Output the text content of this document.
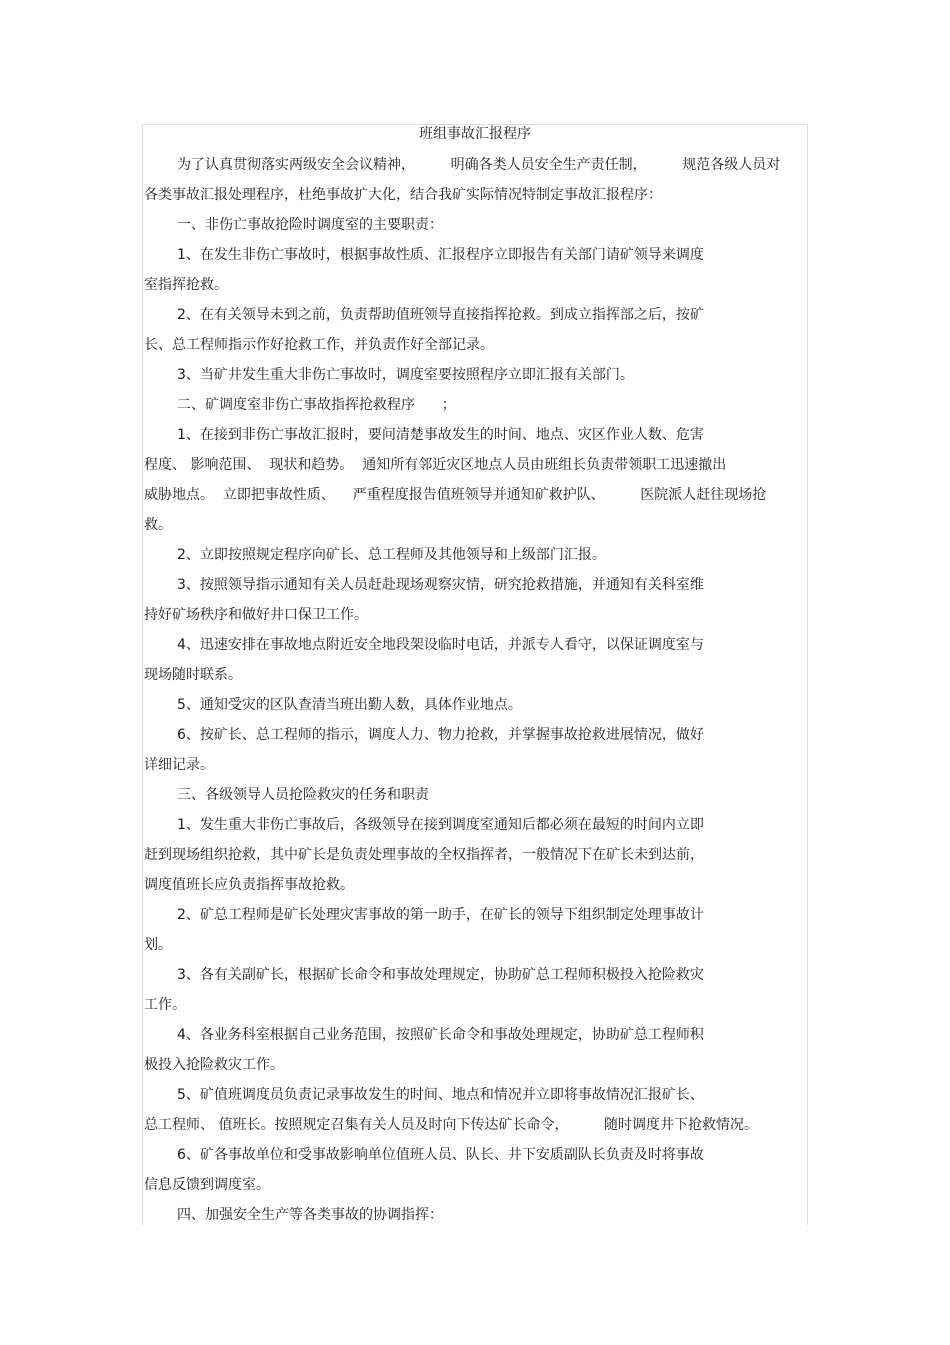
班组事故汇报程序
为了认真贯彻落实两级安全会议精神，        明确各类人员安全生产责任制，        规范各级人员对
各类事故汇报处理程序，杜绝事故扩大化，结合我矿实际情况特制定事故汇报程序：
一、非伤亡事故抢险时调度室的主要职责：
1、在发生非伤亡事故时，根据事故性质、汇报程序立即报告有关部门请矿领导来调度
室指挥抢救。
2、在有关领导未到之前，负责帮助值班领导直接指挥抢救。到成立指挥部之后，按矿
长、总工程师指示作好抢救工作，并负责作好全部记录。
3、当矿井发生重大非伤亡事故时，调度室要按照程序立即汇报有关部门。
二、矿调度室非伤亡事故指挥抢救程序      ；
1、在接到非伤亡事故汇报时，要问清楚事故发生的时间、地点、灾区作业人数、危害
程度、 影响范围、  现状和趋势。  通知所有邻近灾区地点人员由班组长负责带领职工迅速撤出
威胁地点。  立即把事故性质、    严重程度报告值班领导并通知矿救护队、        医院派人赶往现场抢
救。
2、立即按照规定程序向矿长、总工程师及其他领导和上级部门汇报。
3、按照领导指示通知有关人员赶赴现场观察灾情，研究抢救措施，并通知有关科室维
持好矿场秩序和做好井口保卫工作。
4、迅速安排在事故地点附近安全地段架设临时电话，并派专人看守，以保证调度室与
现场随时联系。
5、通知受灾的区队查清当班出勤人数，具体作业地点。
6、按矿长、总工程师的指示，调度人力、物力抢救，并掌握事故抢救进展情况，做好
详细记录。
三、各级领导人员抢险救灾的任务和职责
1、发生重大非伤亡事故后，各级领导在接到调度室通知后都必须在最短的时间内立即
赶到现场组织抢救，其中矿长是负责处理事故的全权指挥者，一般情况下在矿长未到达前，
调度值班长应负责指挥事故抢救。
2、矿总工程师是矿长处理灾害事故的第一助手，在矿长的领导下组织制定处理事故计
划。
3、各有关副矿长，根据矿长命令和事故处理规定，协助矿总工程师积极投入抢险救灾
工作。
4、各业务科室根据自己业务范围，按照矿长命令和事故处理规定，协助矿总工程师积
极投入抢险救灾工作。
5、矿值班调度员负责记录事故发生的时间、地点和情况并立即将事故情况汇报矿长、
总工程师、 值班长。按照规定召集有关人员及时向下传达矿长命令，        随时调度井下抢救情况。
6、矿各事故单位和受事故影响单位值班人员、队长、井下安质副队长负责及时将事故
信息反馈到调度室。
四、加强安全生产等各类事故的协调指挥：
